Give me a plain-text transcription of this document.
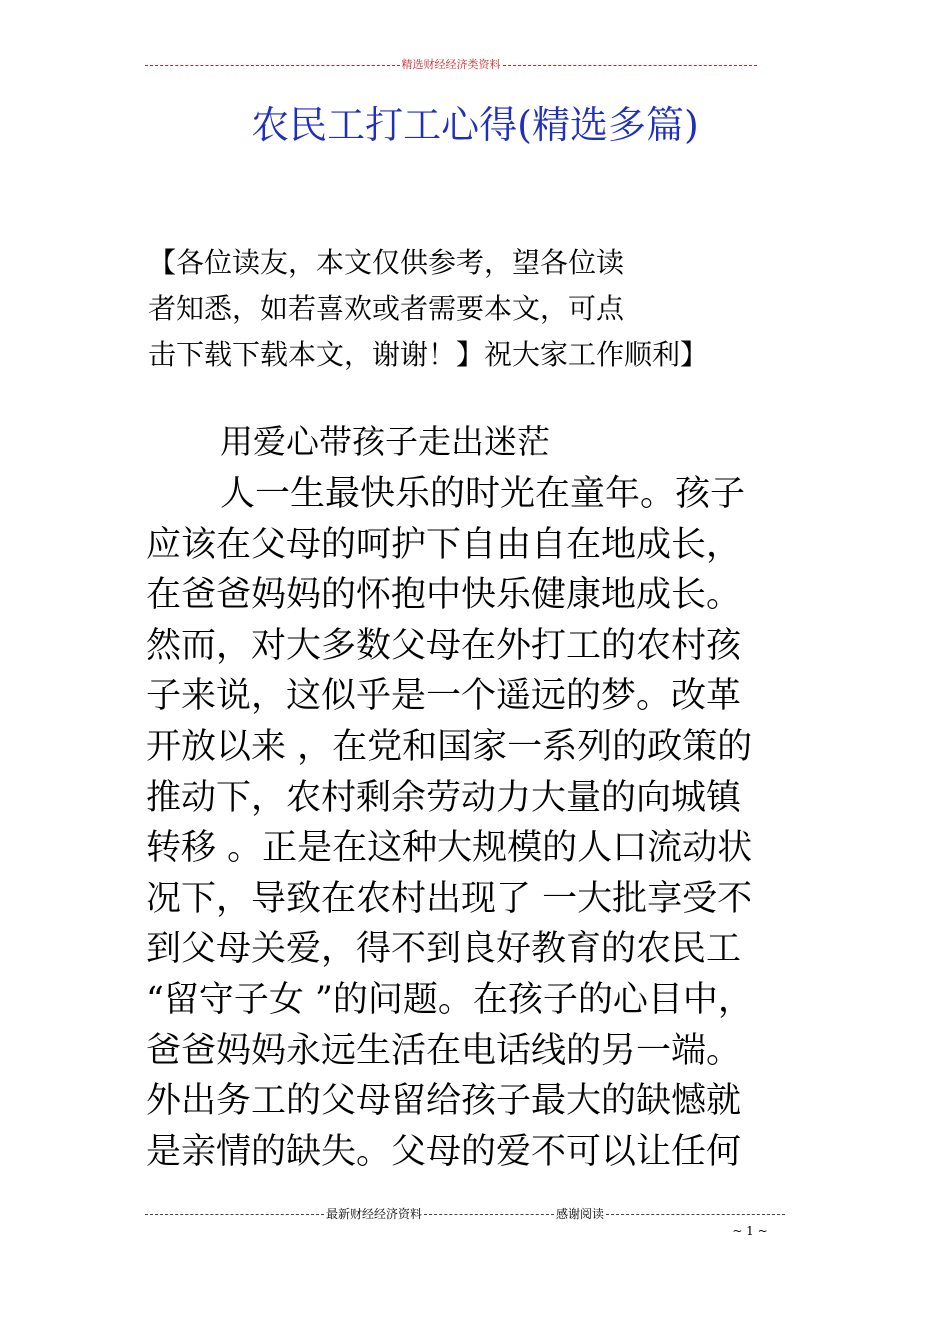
精选财经经济类资料
农民工打工心得(精选多篇)
【各位读友，本文仅供参考，望各位读
者知悉，如若喜欢或者需要本文，可点
击下载下载本文，谢谢！】祝大家工作顺利】
用爱心带孩子走出迷茫
人一生最快乐的时光在童年。孩子
应该在父母的呵护下自由自在地成长，
在爸爸妈妈的怀抱中快乐健康地成长。
然而，对大多数父母在外打工的农村孩
子来说，这似乎是一个遥远的梦。改革
开放以来 ，在党和国家一系列的政策的
推动下，农村剩余劳动力大量的向城镇
转移 。正是在这种大规模的人口流动状
况下，导致在农村出现了 一大批享受不
到父母关爱，得不到良好教育的农民工
“留守子女 ”的问题。在孩子的心目中，
爸爸妈妈永远生活在电话线的另一端。
外出务工的父母留给孩子最大的缺憾就
是亲情的缺失。父母的爱不可以让任何
最新财经经济资料	感谢阅读
~ 1 ~
